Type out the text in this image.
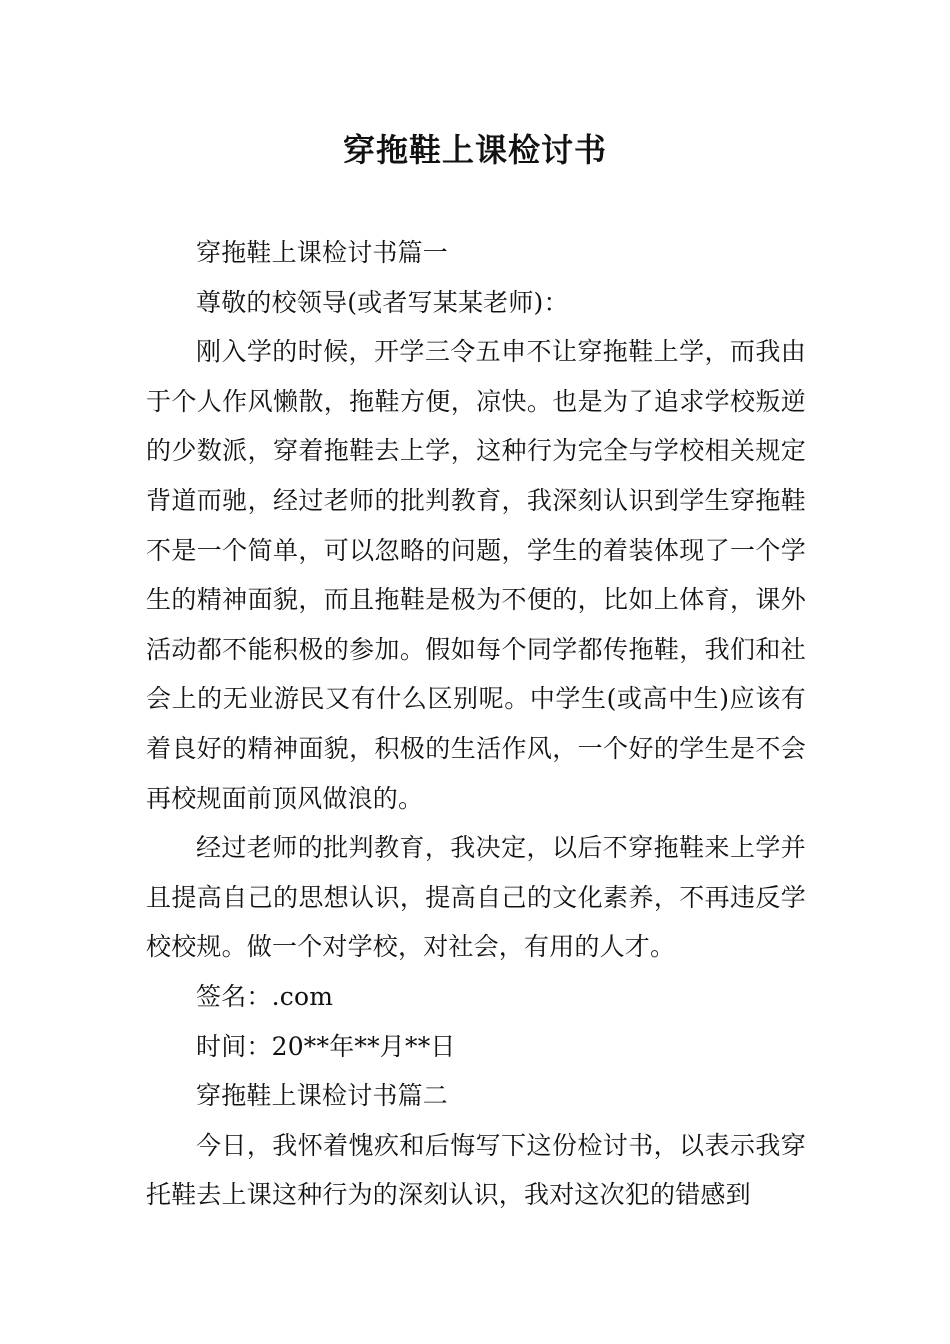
穿拖鞋上课检讨书

穿拖鞋上课检讨书篇一

尊敬的校领导(或者写某某老师)：

刚入学的时候，开学三令五申不让穿拖鞋上学，而我由于个人作风懒散，拖鞋方便，凉快。也是为了追求学校叛逆的少数派，穿着拖鞋去上学，这种行为完全与学校相关规定背道而驰，经过老师的批判教育，我深刻认识到学生穿拖鞋不是一个简单，可以忽略的问题，学生的着装体现了一个学生的精神面貌，而且拖鞋是极为不便的，比如上体育，课外活动都不能积极的参加。假如每个同学都传拖鞋，我们和社会上的无业游民又有什么区别呢。中学生(或高中生)应该有着良好的精神面貌，积极的生活作风，一个好的学生是不会再校规面前顶风做浪的。

经过老师的批判教育，我决定，以后不穿拖鞋来上学并且提高自己的思想认识，提高自己的文化素养，不再违反学校校规。做一个对学校，对社会，有用的人才。

签名：.com

时间：20**年**月**日

穿拖鞋上课检讨书篇二

今日，我怀着愧疚和后悔写下这份检讨书，以表示我穿托鞋去上课这种行为的深刻认识，我对这次犯的错感到
